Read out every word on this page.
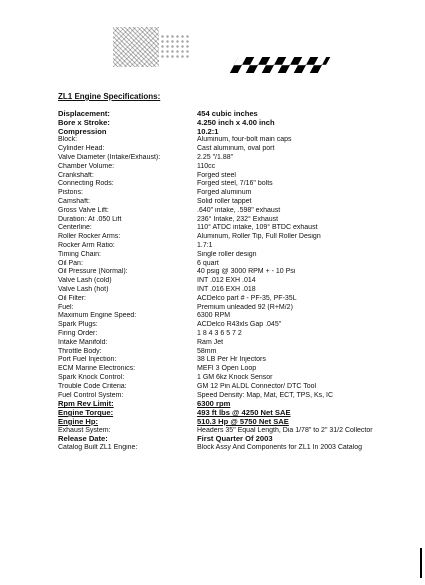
ZL1 Engine Specifications:
Displacement:	454 cubic inches
Bore x Stroke:	4.250 inch x 4.00 inch
Compression	10.2:1
Block:	Aluminum, four-bolt main caps
Cylinder Head:	Cast aluminum, oval port
Valve Diameter (Intake/Exhaust):	2.25 "/1.88"
Chamber Volume:	110cc
Crankshaft:	Forged steel
Connecting Rods:	Forged steel, 7/16" bolts
Pistons:	Forged aluminum
Camshaft:	Solid roller tappet
Gross Valve Lift:	.640" intake, .598" exhaust
Duration: At .050 Lift	236° Intake, 232° Exhaust
Centerline:	110° ATDC intake, 109° BTDC exhaust
Roller Rocker Arms:	Aluminum, Roller Tip, Full Roller Design
Rocker Arm Ratio:	1.7:1
Timing Chain:	Single roller design
Oil Pan:	6 quart
Oil Pressure (Normal):	40 psig @ 3000 RPM + - 10 Psi
Valve Lash (cold)	INT .012 EXH .014
Valve Lash (hot)	INT .016 EXH .018
Oil Filter:	ACDelco part # - PF-35, PF-35L
Fuel:	Premium unleaded 92 (R+M/2)
Maximum Engine Speed:	6300 RPM
Spark Plugs:	ACDelco R43xls Gap .045"
Firing Order:	1 8 4 3 6 5 7 2
Intake Manifold:	Ram Jet
Throttle Body:	58mm
Port Fuel Injection:	38 LB Per Hr Injectors
ECM Marine Electronics:	MEFI 3 Open Loop
Spark Knock Control:	1 GM 6kz Knock Sensor
Trouble Code Criteria:	GM 12 Pin ALDL Connector/ DTC Tool
Fuel Control System:	Speed Density: Map, Mat, ECT, TPS, Ks, IC
Rpm Rev Limit:	6300 rpm
Engine Torque:	493 ft lbs @ 4250 Net SAE
Engine Hp:	510.3 Hp @ 5750 Net SAE
Exhaust System:	Headers 35" Equal Length, Dia 1/78" to 2" 31/2 Collector
Release Date:	First Quarter Of 2003
Catalog Built ZL1 Engine:	Block Assy And Components for ZL1 In 2003 Catalog
